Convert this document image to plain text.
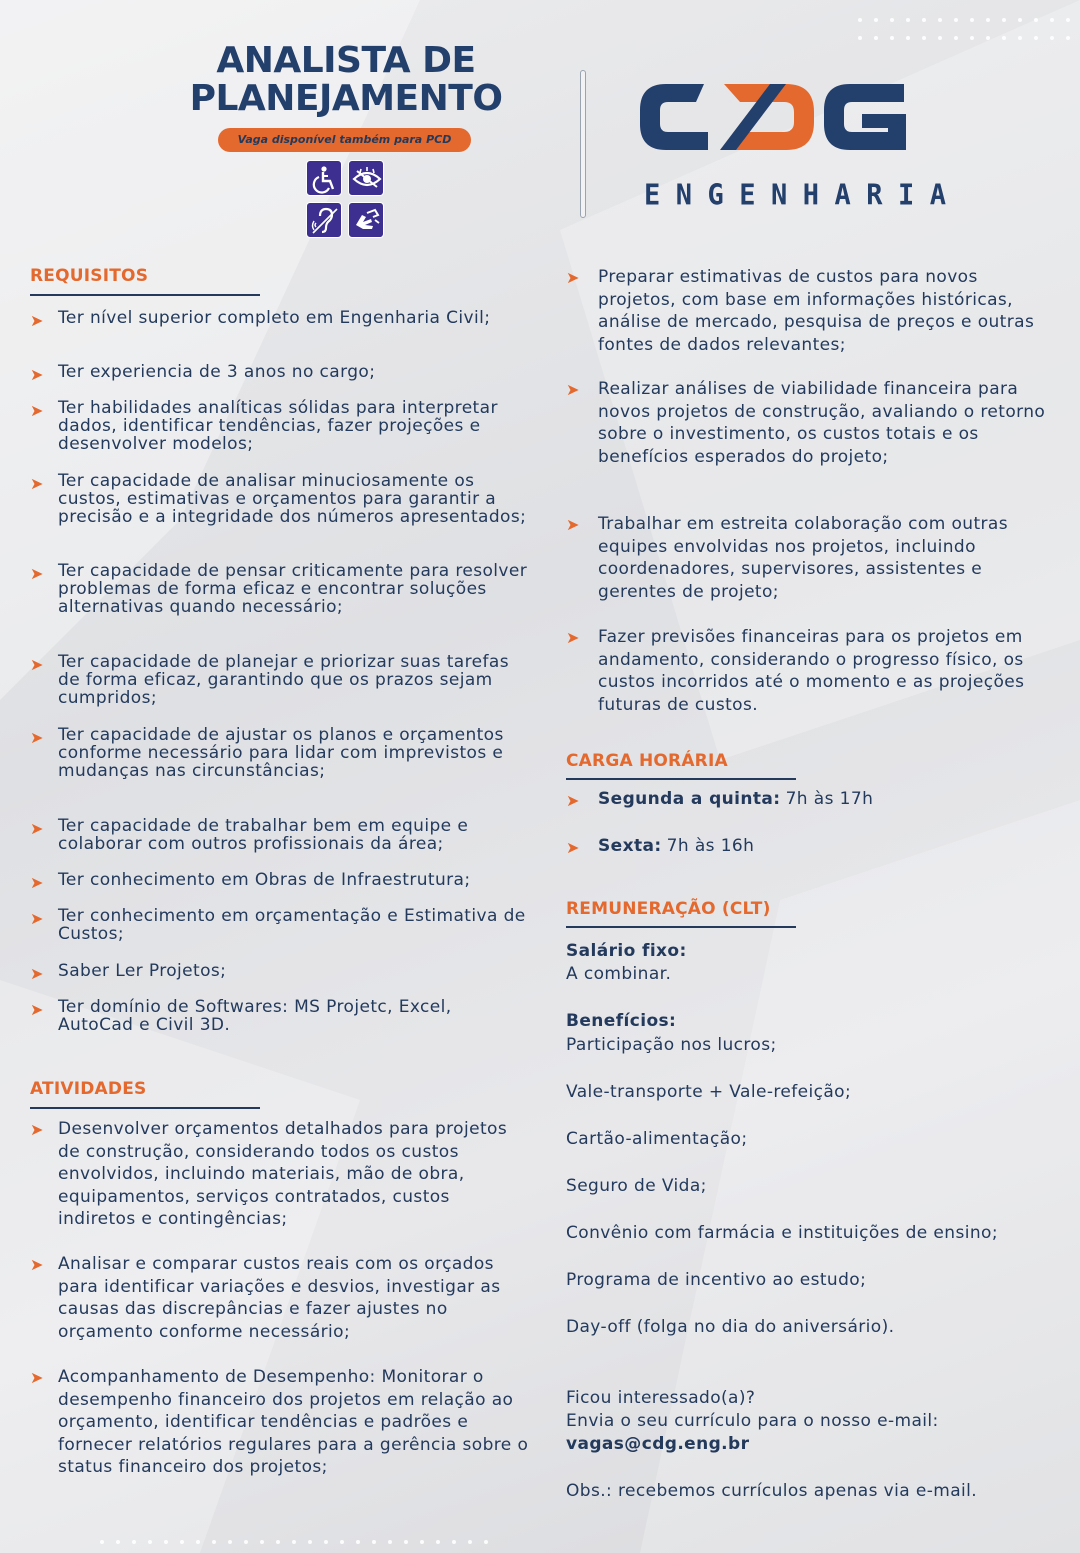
ANALISTA DE
PLANEJAMENTO
Vaga disponível também para PCD
ENGENHARIA
REQUISITOS
➤ Ter nível superior completo em Engenharia Civil;
➤ Ter experiencia de 3 anos no cargo;
➤ Ter habilidades analíticas sólidas para interpretar dados, identificar tendências, fazer projeções e desenvolver modelos;
➤ Ter capacidade de analisar minuciosamente os custos, estimativas e orçamentos para garantir a precisão e a integridade dos números apresentados;
➤ Ter capacidade de pensar criticamente para resolver problemas de forma eficaz e encontrar soluções alternativas quando necessário;
➤ Ter capacidade de planejar e priorizar suas tarefas de forma eficaz, garantindo que os prazos sejam cumpridos;
➤ Ter capacidade de ajustar os planos e orçamentos conforme necessário para lidar com imprevistos e mudanças nas circunstâncias;
➤ Ter capacidade de trabalhar bem em equipe e colaborar com outros profissionais da área;
➤ Ter conhecimento em Obras de Infraestrutura;
➤ Ter conhecimento em orçamentação e Estimativa de Custos;
➤ Saber Ler Projetos;
➤ Ter domínio de Softwares: MS Projetc, Excel, AutoCad e Civil 3D.
ATIVIDADES
➤ Desenvolver orçamentos detalhados para projetos de construção, considerando todos os custos envolvidos, incluindo materiais, mão de obra, equipamentos, serviços contratados, custos indiretos e contingências;
➤ Analisar e comparar custos reais com os orçados para identificar variações e desvios, investigar as causas das discrepâncias e fazer ajustes no orçamento conforme necessário;
➤ Acompanhamento de Desempenho: Monitorar o desempenho financeiro dos projetos em relação ao orçamento, identificar tendências e padrões e fornecer relatórios regulares para a gerência sobre o status financeiro dos projetos;
➤ Preparar estimativas de custos para novos projetos, com base em informações históricas, análise de mercado, pesquisa de preços e outras fontes de dados relevantes;
➤ Realizar análises de viabilidade financeira para novos projetos de construção, avaliando o retorno sobre o investimento, os custos totais e os benefícios esperados do projeto;
➤ Trabalhar em estreita colaboração com outras equipes envolvidas nos projetos, incluindo coordenadores, supervisores, assistentes e gerentes de projeto;
➤ Fazer previsões financeiras para os projetos em andamento, considerando o progresso físico, os custos incorridos até o momento e as projeções futuras de custos.
CARGA HORÁRIA
➤ Segunda a quinta: 7h às 17h
➤ Sexta: 7h às 16h
REMUNERAÇÃO (CLT)
Salário fixo:
A combinar.
Benefícios:
Participação nos lucros;
Vale-transporte + Vale-refeição;
Cartão-alimentação;
Seguro de Vida;
Convênio com farmácia e instituições de ensino;
Programa de incentivo ao estudo;
Day-off (folga no dia do aniversário).
Ficou interessado(a)?
Envia o seu currículo para o nosso e-mail:
vagas@cdg.eng.br
Obs.: recebemos currículos apenas via e-mail.
